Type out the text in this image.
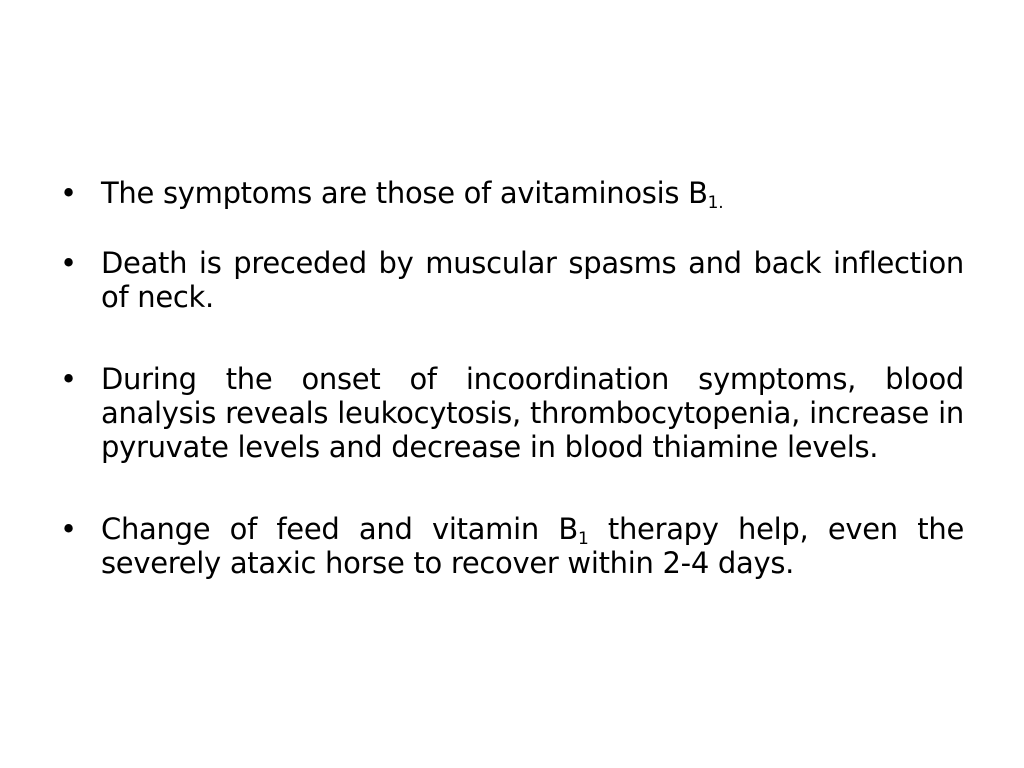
• The symptoms are those of avitaminosis $B_{1.}$
• Death is preceded by muscular spasms and back inflection of neck.
• During the onset of incoordination symptoms, blood analysis reveals leukocytosis, thrombocytopenia, increase in pyruvate levels and decrease in blood thiamine levels.
• Change of feed and vitamin $B_1$ therapy help, even the severely ataxic horse to recover within 2-4 days.
